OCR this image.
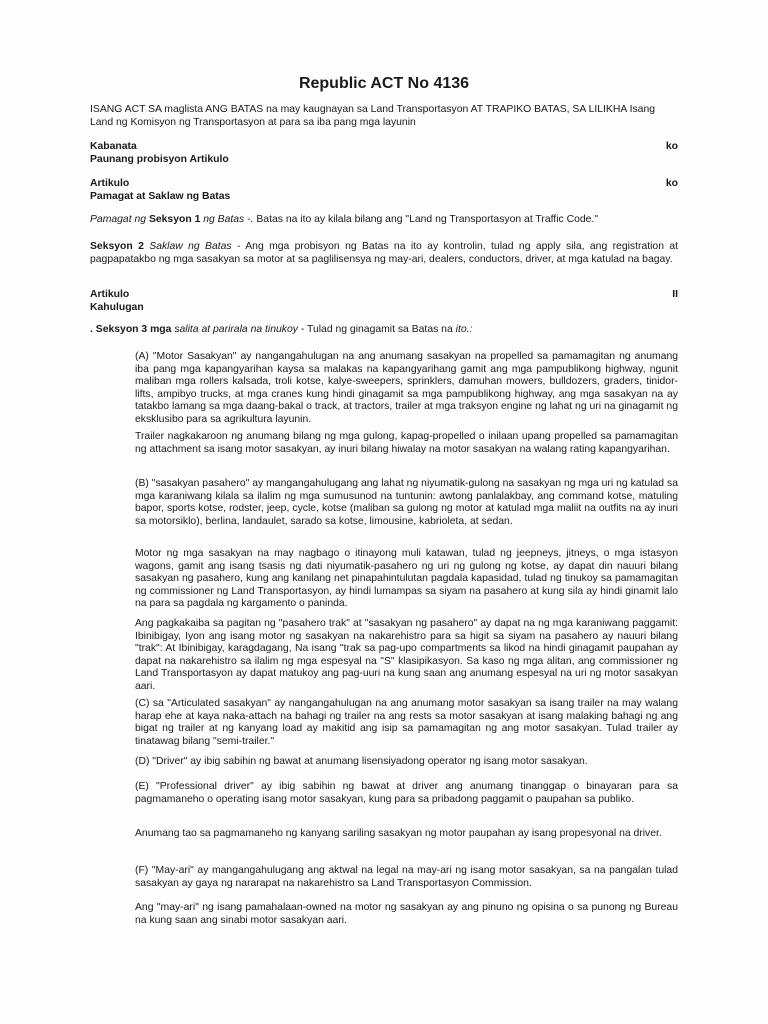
Republic ACT No 4136
ISANG ACT SA maglista ANG BATAS na may kaugnayan sa Land Transportasyon AT TRAPIKO BATAS, SA LILIKHA Isang Land ng Komisyon ng Transportasyon at para sa iba pang mga layunin
Kabanata	ko
Paunang probisyon Artikulo
Artikulo	ko
Pamagat at Saklaw ng Batas
Pamagat ng Seksyon 1 ng Batas -. Batas na ito ay kilala bilang ang "Land ng Transportasyon at Traffic Code."
Seksyon 2 Saklaw ng Batas - Ang mga probisyon ng Batas na ito ay kontrolin, tulad ng apply sila, ang registration at pagpapatakbo ng mga sasakyan sa motor at sa paglilisensya ng may-ari, dealers, conductors, driver, at mga katulad na bagay.
Artikulo	II
Kahulugan
. Seksyon 3 mga salita at parirala na tinukoy - Tulad ng ginagamit sa Batas na ito.:
(A) "Motor Sasakyan" ay nangangahulugan na ang anumang sasakyan na propelled sa pamamagitan ng anumang iba pang mga kapangyarihan kaysa sa malakas na kapangyarihang gamit ang mga pampublikong highway, ngunit maliban mga rollers kalsada, troli kotse, kalye-sweepers, sprinklers, damuhan mowers, bulldozers, graders, tinidor-lifts, ampibyo trucks, at mga cranes kung hindi ginagamit sa mga pampublikong highway, ang mga sasakyan na ay tatakbo lamang sa mga daang-bakal o track, at tractors, trailer at mga traksyon engine ng lahat ng uri na ginagamit ng eksklusibo para sa agrikultura layunin.
Trailer nagkakaroon ng anumang bilang ng mga gulong, kapag-propelled o inilaan upang propelled sa pamamagitan ng attachment sa isang motor sasakyan, ay inuri bilang hiwalay na motor sasakyan na walang rating kapangyarihan.
(B) "sasakyan pasahero" ay mangangahulugang ang lahat ng niyumatik-gulong na sasakyan ng mga uri ng katulad sa mga karaniwang kilala sa ilalim ng mga sumusunod na tuntunin: awtong panlalakbay, ang command kotse, matuling bapor, sports kotse, rodster, jeep, cycle, kotse (maliban sa gulong ng motor at katulad mga maliit na outfits na ay inuri sa motorsiklo), berlina, landaulet, sarado sa kotse, limousine, kabrioleta, at sedan.
Motor ng mga sasakyan na may nagbago o itinayong muli katawan, tulad ng jeepneys, jitneys, o mga istasyon wagons, gamit ang isang tsasis ng dati niyumatik-pasahero ng uri ng gulong ng kotse, ay dapat din nauuri bilang sasakyan ng pasahero, kung ang kanilang net pinapahintulutan pagdala kapasidad, tulad ng tinukoy sa pamamagitan ng commissioner ng Land Transportasyon, ay hindi lumampas sa siyam na pasahero at kung sila ay hindi ginamit lalo na para sa pagdala ng kargamento o paninda.
Ang pagkakaiba sa pagitan ng "pasahero trak" at "sasakyan ng pasahero" ay dapat na ng mga karaniwang paggamit: Ibinibigay, Iyon ang isang motor ng sasakyan na nakarehistro para sa higit sa siyam na pasahero ay nauuri bilang "trak": At Ibinibigay, karagdagang, Na isang "trak sa pag-upo compartments sa likod na hindi ginagamit paupahan ay dapat na nakarehistro sa ilalim ng mga espesyal na "S" klasipikasyon. Sa kaso ng mga alitan, ang commissioner ng Land Transportasyon ay dapat matukoy ang pag-uuri na kung saan ang anumang espesyal na uri ng motor sasakyan aari.
(C) sa "Articulated sasakyan" ay nangangahulugan na ang anumang motor sasakyan sa isang trailer na may walang harap ehe at kaya naka-attach na bahagi ng trailer na ang rests sa motor sasakyan at isang malaking bahagi ng ang bigat ng trailer at ng kanyang load ay makitid ang isip sa pamamagitan ng ang motor sasakyan. Tulad trailer ay tinatawag bilang "semi-trailer."
(D) "Driver" ay ibig sabihin ng bawat at anumang lisensiyadong operator ng isang motor sasakyan.
(E) "Professional driver" ay ibig sabihin ng bawat at driver ang anumang tinanggap o binayaran para sa pagmamaneho o operating isang motor sasakyan, kung para sa pribadong paggamit o paupahan sa publiko.
Anumang tao sa pagmamaneho ng kanyang sariling sasakyan ng motor paupahan ay isang propesyonal na driver.
(F) "May-ari" ay mangangahulugang ang aktwal na legal na may-ari ng isang motor sasakyan, sa na pangalan tulad sasakyan ay gaya ng nararapat na nakarehistro sa Land Transportasyon Commission.
Ang "may-ari" ng isang pamahalaan-owned na motor ng sasakyan ay ang pinuno ng opisina o sa punong ng Bureau na kung saan ang sinabi motor sasakyan aari.
